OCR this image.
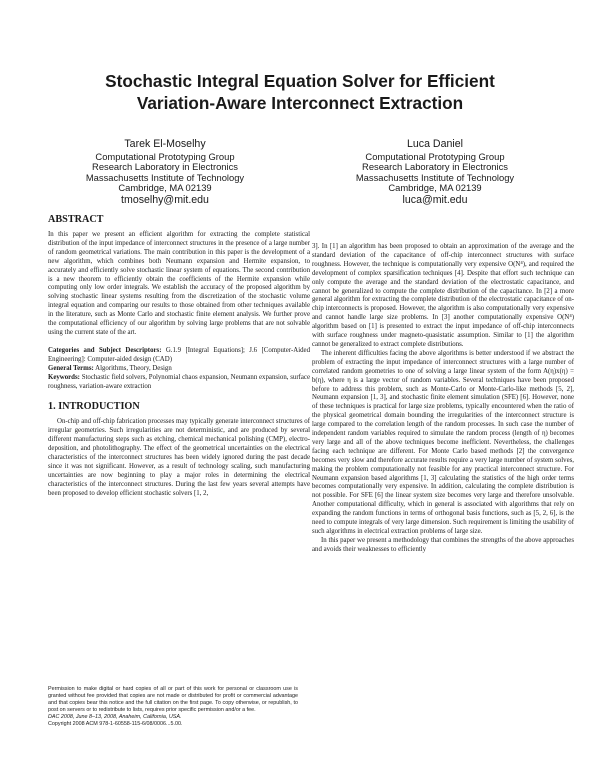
Stochastic Integral Equation Solver for Efficient
Variation-Aware Interconnect Extraction
Tarek El-Moselhy
Computational Prototyping Group
Research Laboratory in Electronics
Massachusetts Institute of Technology
Cambridge, MA 02139
tmoselhy@mit.edu
Luca Daniel
Computational Prototyping Group
Research Laboratory in Electronics
Massachusetts Institute of Technology
Cambridge, MA 02139
luca@mit.edu
ABSTRACT

In this paper we present an efficient algorithm for extracting the complete statistical distribution of the input impedance of interconnect structures in the presence of a large number of random geometrical variations. The main contribution in this paper is the development of a new algorithm, which combines both Neumann expansion and Hermite expansion, to accurately and efficiently solve stochastic linear system of equations. The second contribution is a new theorem to efficiently obtain the coefficients of the Hermite expansion while computing only low order integrals. We establish the accuracy of the proposed algorithm by solving stochastic linear systems resulting from the discretization of the stochastic volume integral equation and comparing our results to those obtained from other techniques available in the literature, such as Monte Carlo and stochastic finite element analysis. We further prove the computational efficiency of our algorithm by solving large problems that are not solvable using the current state of the art.

Categories and Subject Descriptors: G.1.9 [Integral Equations]; J.6 [Computer-Aided Engineering]: Computer-aided design (CAD)

General Terms: Algorithms, Theory, Design

Keywords: Stochastic field solvers, Polynomial chaos expansion, Neumann expansion, surface roughness, variation-aware extraction

1. INTRODUCTION

On-chip and off-chip fabrication processes may typically generate interconnect structures of irregular geometries. Such irregularities are not deterministic, and are produced by several different manufacturing steps such as etching, chemical mechanical polishing (CMP), electro-deposition, and photolithography. The effect of the geometrical uncertainties on the electrical characteristics of the interconnect structures has been widely ignored during the past decade since it was not significant. However, as a result of technology scaling, such manufacturing uncertainties are now beginning to play a major roles in determining the electrical characteristics of the interconnect structures. During the last few years several attempts have been proposed to develop efficient stochastic solvers [1, 2,

Permission to make digital or hard copies of all or part of this work for personal or classroom use is granted without fee provided that copies are not made or distributed for profit or commercial advantage and that copies bear this notice and the full citation on the first page. To copy otherwise, or republish, to post on servers or to redistribute to lists, requires prior specific permission and/or a fee.
DAC 2008, June 8–13, 2008, Anaheim, California, USA.
Copyright 2008 ACM 978-1-60558-115-6/08/0006...5.00.

3]. In [1] an algorithm has been proposed to obtain an approximation of the average and the standard deviation of the capacitance of off-chip interconnect structures with surface roughness. However, the technique is computationally very expensive O(N⁴), and required the development of complex sparsification techniques [4]. Despite that effort such technique can only compute the average and the standard deviation of the electrostatic capacitance, and cannot be generalized to compute the complete distribution of the capacitance. In [2] a more general algorithm for extracting the complete distribution of the electrostatic capacitance of on-chip interconnects is proposed. However, the algorithm is also computationally very expensive and cannot handle large size problems. In [3] another computationally expensive O(N⁴) algorithm based on [1] is presented to extract the input impedance of off-chip interconnects with surface roughness under magneto-quasistatic assumption. Similar to [1] the algorithm cannot be generalized to extract complete distributions.

The inherent difficulties facing the above algorithms is better understood if we abstract the problem of extracting the input impedance of interconnect structures with a large number of correlated random geometries to one of solving a large linear system of the form A(η)x(η) = b(η), where η is a large vector of random variables. Several techniques have been proposed before to address this problem, such as Monte-Carlo or Monte-Carlo-like methods [5, 2], Neumann expansion [1, 3], and stochastic finite element simulation (SFE) [6]. However, none of these techniques is practical for large size problems, typically encountered when the ratio of the physical geometrical domain bounding the irregularities of the interconnect structure is large compared to the correlation length of the random processes. In such case the number of independent random variables required to simulate the random process (length of η) becomes very large and all of the above techniques become inefficient. Nevertheless, the challenges facing each technique are different. For Monte Carlo based methods [2] the convergence becomes very slow and therefore accurate results require a very large number of system solves, making the problem computationally not feasible for any practical interconnect structure. For Neumann expansion based algorithms [1, 3] calculating the statistics of the high order terms becomes computationally very expensive. In addition, calculating the complete distribution is not possible. For SFE [6] the linear system size becomes very large and therefore unsolvable. Another computational difficulty, which in general is associated with algorithms that rely on expanding the random functions in terms of orthogonal basis functions, such as [5, 2, 6], is the need to compute integrals of very large dimension. Such requirement is limiting the usability of such algorithms in electrical extraction problems of large size.

In this paper we present a methodology that combines the strengths of the above approaches and avoids their weaknesses to efficiently
